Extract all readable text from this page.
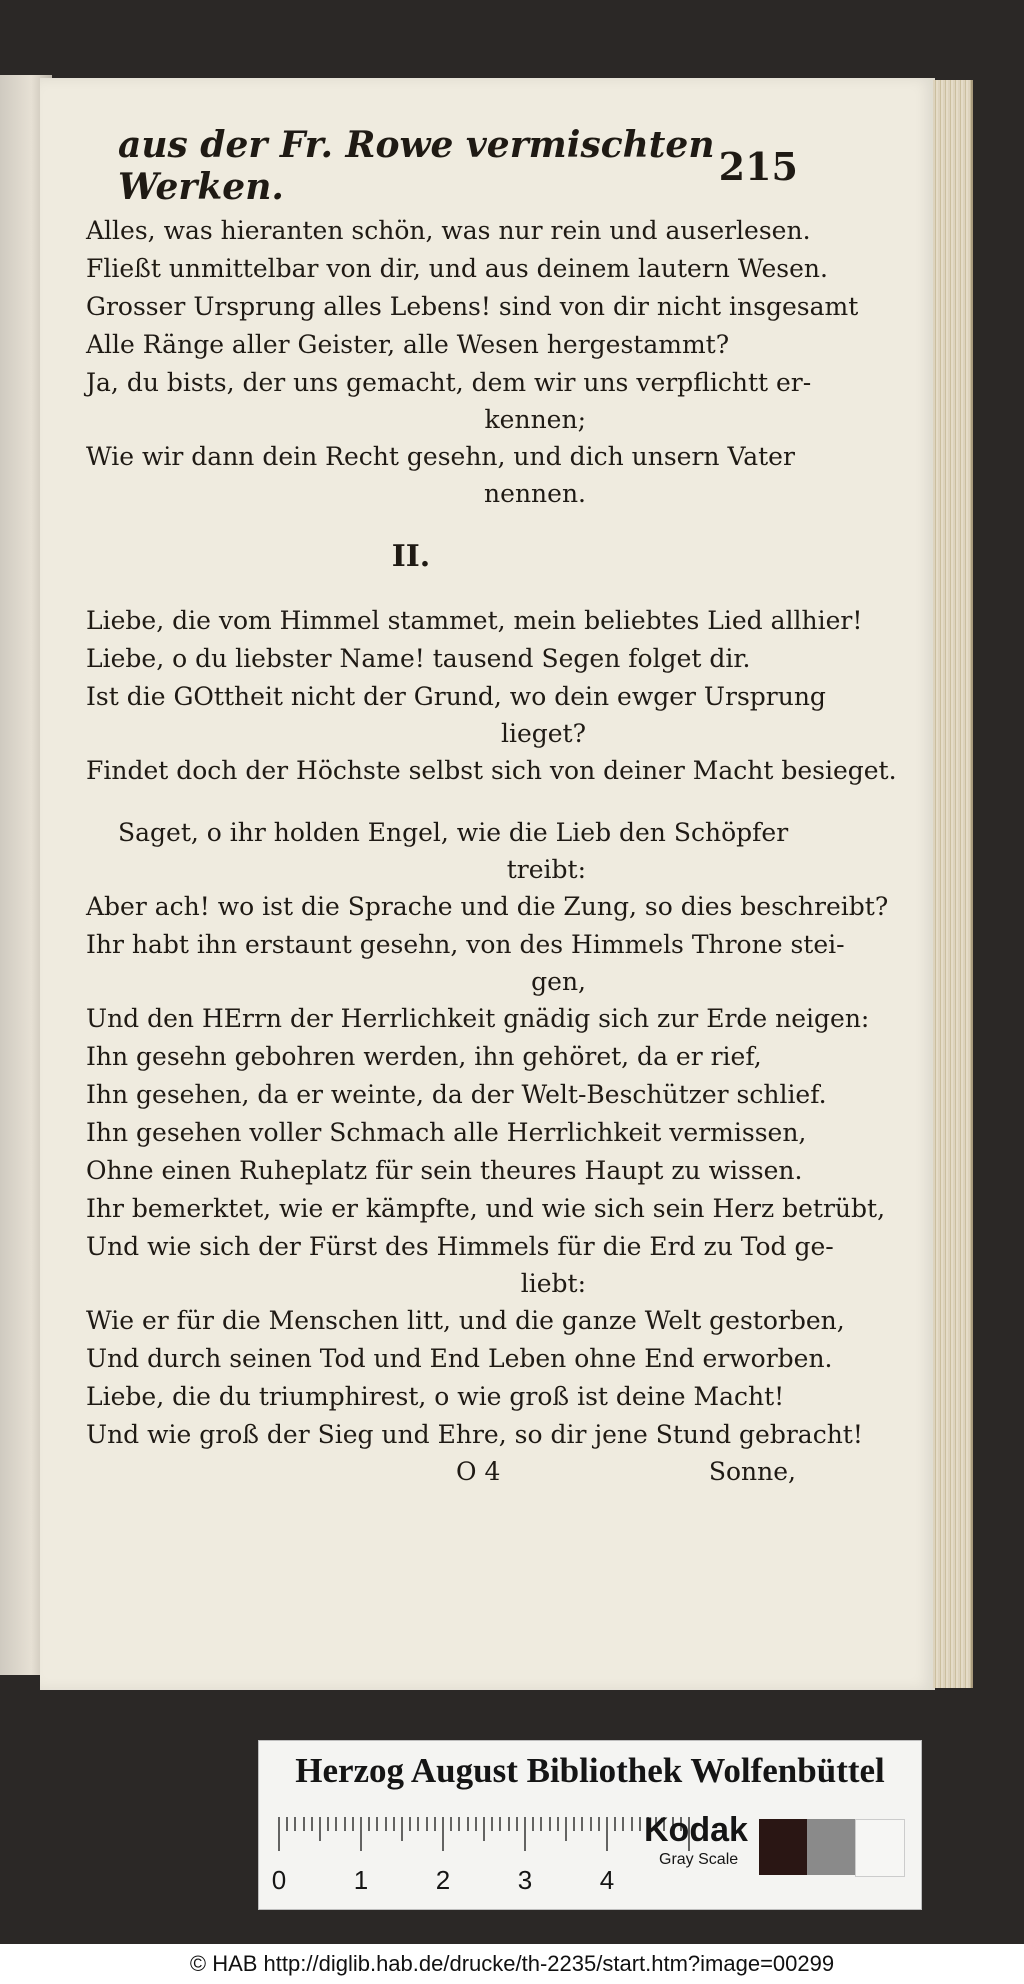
aus der Fr. Rowe vermischten Werken.	215
Alles, was hieranten schön, was nur rein und auserlesen.
Fließt unmittelbar von dir, und aus deinem lautern Wesen.
Grosser Ursprung alles Lebens! sind von dir nicht insgesamt
Alle Ränge aller Geister, alle Wesen hergestammt?
Ja, du bists, der uns gemacht, dem wir uns verpflichtt er-
kennen;
Wie wir dann dein Recht gesehn, und dich unsern Vater
nennen.
II.
Liebe, die vom Himmel stammet, mein beliebtes Lied allhier!
Liebe, o du liebster Name! tausend Segen folget dir.
Ist die GOttheit nicht der Grund, wo dein ewger Ursprung
lieget?
Findet doch der Höchste selbst sich von deiner Macht besieget.
Saget, o ihr holden Engel, wie die Lieb den Schöpfer
treibt:
Aber ach! wo ist die Sprache und die Zung, so dies beschreibt?
Ihr habt ihn erstaunt gesehn, von des Himmels Throne stei-
gen,
Und den HErrn der Herrlichkeit gnädig sich zur Erde neigen:
Ihn gesehn gebohren werden, ihn gehöret, da er rief,
Ihn gesehen, da er weinte, da der Welt-Beschützer schlief.
Ihn gesehen voller Schmach alle Herrlichkeit vermissen,
Ohne einen Ruheplatz für sein theures Haupt zu wissen.
Ihr bemerktet, wie er kämpfte, und wie sich sein Herz betrübt,
Und wie sich der Fürst des Himmels für die Erd zu Tod ge-
liebt:
Wie er für die Menschen litt, und die ganze Welt gestorben,
Und durch seinen Tod und End Leben ohne End erworben.
Liebe, die du triumphirest, o wie groß ist deine Macht!
Und wie groß der Sieg und Ehre, so dir jene Stund gebracht!
O 4	Sonne,
Herzog August Bibliothek Wolfenbüttel
0	1	2	3	4
Kodak
Gray Scale
© HAB http://diglib.hab.de/drucke/th-2235/start.htm?image=00299
